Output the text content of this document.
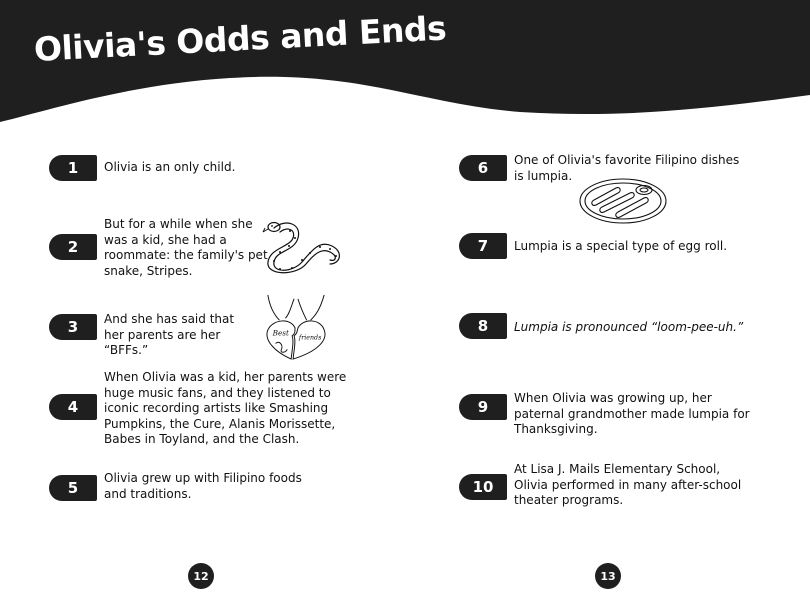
Olivia's Odds and Ends
1	Olivia is an only child.

2

But for a while when she was a kid, she had a roommate: the family's pet snake, Stripes.

3	And she has said that her parents are her “BFFs.”

4

When Olivia was a kid, her parents were huge music fans, and they listened to iconic recording artists like Smashing Pumpkins, the Cure, Alanis Morissette, Babes in Toyland, and the Clash.

5

Olivia grew up with Filipino foods and traditions.

6	One of Olivia's favorite Filipino dishes is lumpia.

7	Lumpia is a special type of egg roll.

8	Lumpia is pronounced “loom-pee-uh.”

9	When Olivia was growing up, her paternal grandmother made lumpia for Thanksgiving.

10

At Lisa J. Mails Elementary School, Olivia performed in many after-school theater programs.

Best
friends
12	13
